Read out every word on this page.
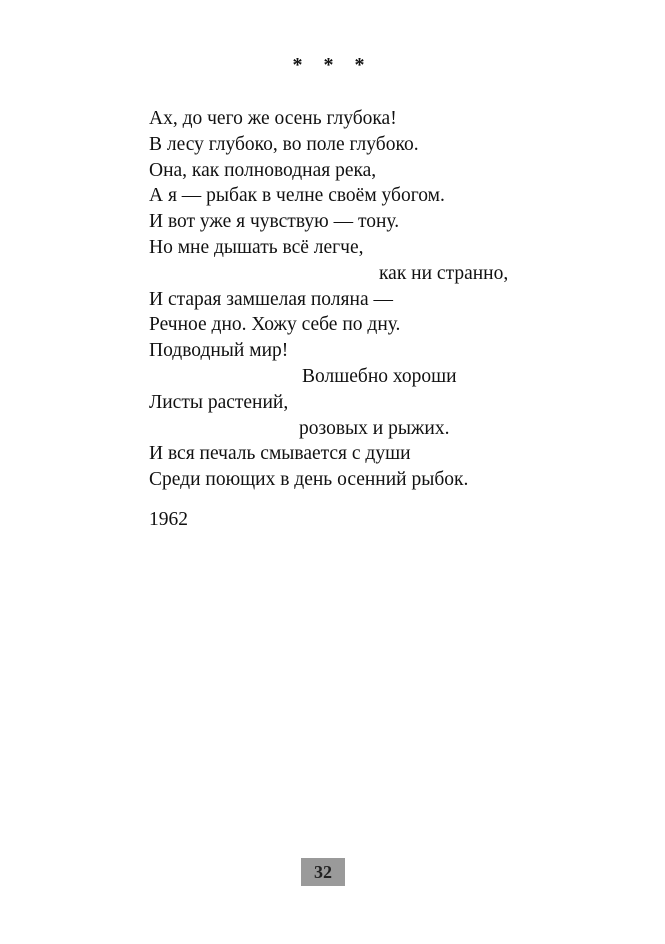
* * *
Ах, до чего же осень глубока!
В лесу глубоко, во поле глубоко.
Она, как полноводная река,
А я — рыбак в челне своём убогом.
И вот уже я чувствую — тону.
Но мне дышать всё легче,
как ни странно,
И старая замшелая поляна —
Речное дно. Хожу себе по дну.
Подводный мир!
Волшебно хороши
Листы растений,
розовых и рыжих.
И вся печаль смывается с души
Среди поющих в день осенний рыбок.
1962
32
